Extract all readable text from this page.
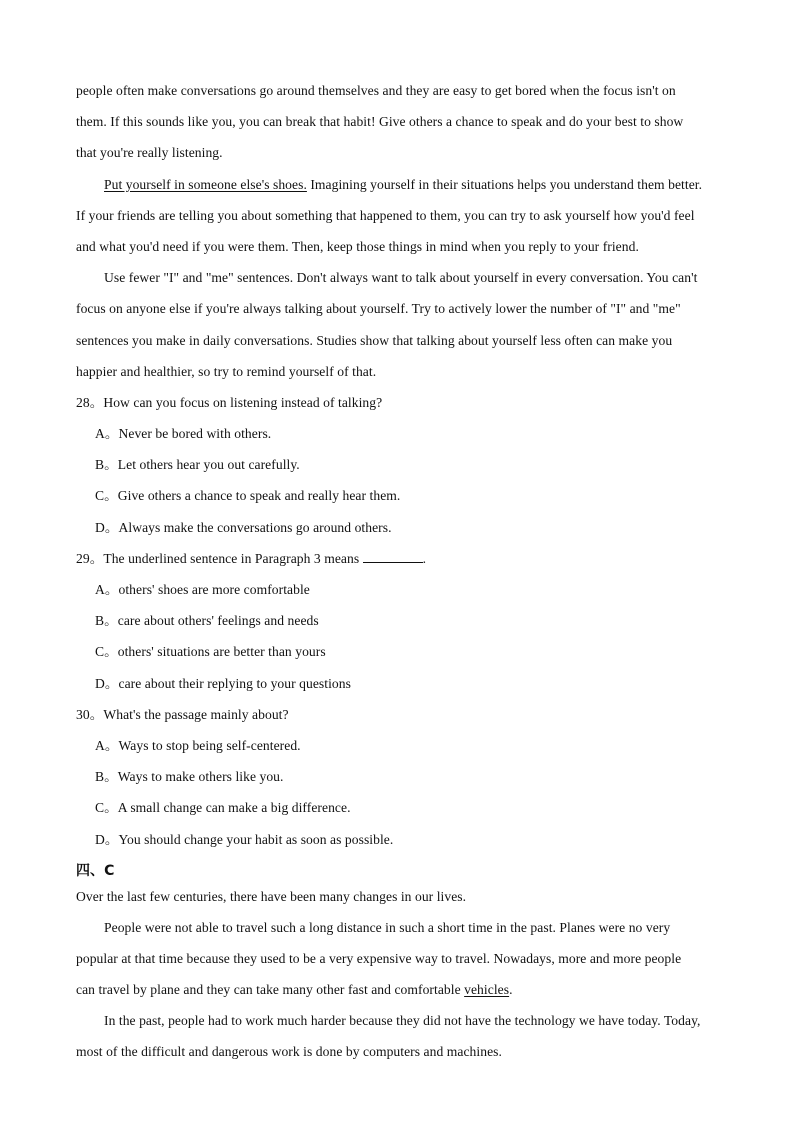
people often make conversations go around themselves and they are easy to get bored when the focus isn't on
them. If this sounds like you, you can break that habit! Give others a chance to speak and do your best to show
that you're really listening.
Put yourself in someone else's shoes. Imagining yourself in their situations helps you understand them better.
If your friends are telling you about something that happened to them, you can try to ask yourself how you'd feel
and what you'd need if you were them. Then, keep those things in mind when you reply to your friend.
Use fewer "I" and "me" sentences. Don't always want to talk about yourself in every conversation. You can't
focus on anyone else if you're always talking about yourself. Try to actively lower the number of "I" and "me"
sentences you make in daily conversations. Studies show that talking about yourself less often can make you
happier and healthier, so try to remind yourself of that.
28。How can you focus on listening instead of talking?
A。Never be bored with others.
B。Let others hear you out carefully.
C。Give others a chance to speak and really hear them.
D。Always make the conversations go around others.
29。The underlined sentence in Paragraph 3 means	.
A。others' shoes are more comfortable
B。care about others' feelings and needs
C。others' situations are better than yours
D。care about their replying to your questions
30。What's the passage mainly about?
A。Ways to stop being self-centered.
B。Ways to make others like you.
C。A small change can make a big difference.
D。You should change your habit as soon as possible.
四、C
Over the last few centuries, there have been many changes in our lives.
People were not able to travel such a long distance in such a short time in the past. Planes were no very
popular at that time because they used to be a very expensive way to travel. Nowadays, more and more people
can travel by plane and they can take many other fast and comfortable vehicles.
In the past, people had to work much harder because they did not have the technology we have today. Today,
most of the difficult and dangerous work is done by computers and machines.
